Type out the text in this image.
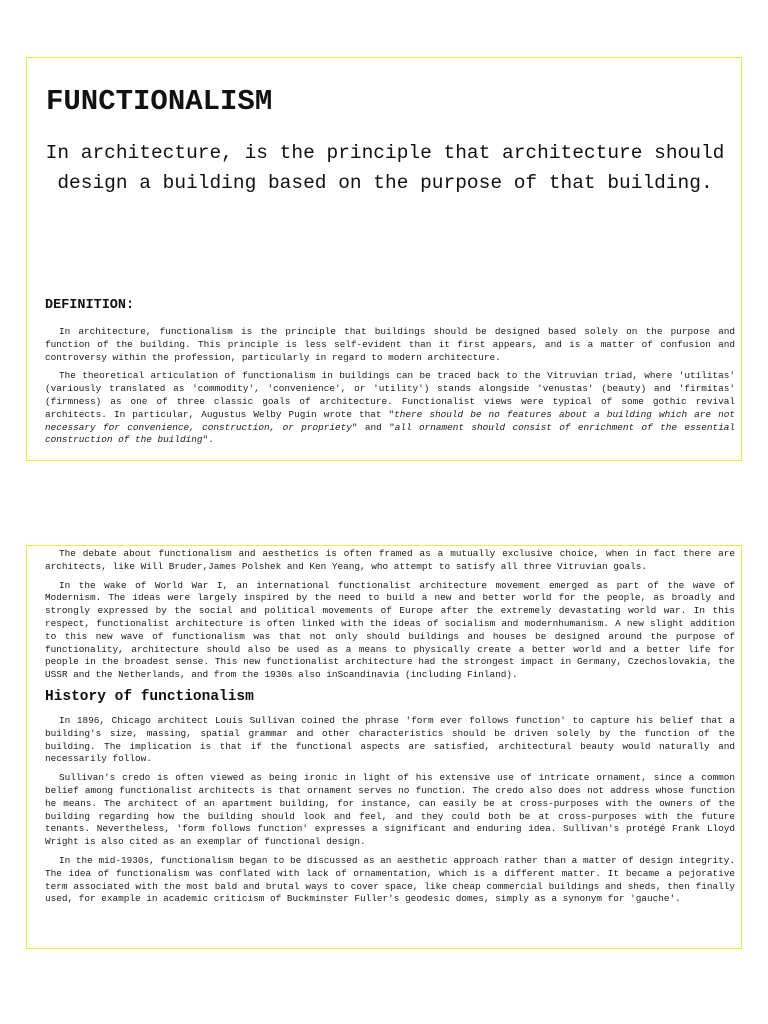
FUNCTIONALISM

In architecture, is the principle that architecture should design a building based on the purpose of that building.

DEFINITION:

In architecture, functionalism is the principle that buildings should be designed based solely on the purpose and function of the building. This principle is less self-evident than it first appears, and is a matter of confusion and controversy within the profession, particularly in regard to modern architecture.

The theoretical articulation of functionalism in buildings can be traced back to the Vitruvian triad, where 'utilitas' (variously translated as 'commodity', 'convenience', or 'utility') stands alongside 'venustas' (beauty) and 'firmitas' (firmness) as one of three classic goals of architecture. Functionalist views were typical of some gothic revival architects. In particular, Augustus Welby Pugin wrote that "there should be no features about a building which are not necessary for convenience, construction, or propriety" and "all ornament should consist of enrichment of the essential construction of the building".

The debate about functionalism and aesthetics is often framed as a mutually exclusive choice, when in fact there are architects, like Will Bruder,James Polshek and Ken Yeang, who attempt to satisfy all three Vitruvian goals.

In the wake of World War I, an international functionalist architecture movement emerged as part of the wave of Modernism. The ideas were largely inspired by the need to build a new and better world for the people, as broadly and strongly expressed by the social and political movements of Europe after the extremely devastating world war. In this respect, functionalist architecture is often linked with the ideas of socialism and modernhumanism. A new slight addition to this new wave of functionalism was that not only should buildings and houses be designed around the purpose of functionality, architecture should also be used as a means to physically create a better world and a better life for people in the broadest sense. This new functionalist architecture had the strongest impact in Germany, Czechoslovakia, the USSR and the Netherlands, and from the 1930s also inScandinavia (including Finland).

History of functionalism

In 1896, Chicago architect Louis Sullivan coined the phrase 'form ever follows function' to capture his belief that a building's size, massing, spatial grammar and other characteristics should be driven solely by the function of the building. The implication is that if the functional aspects are satisfied, architectural beauty would naturally and necessarily follow.

Sullivan's credo is often viewed as being ironic in light of his extensive use of intricate ornament, since a common belief among functionalist architects is that ornament serves no function. The credo also does not address whose function he means. The architect of an apartment building, for instance, can easily be at cross-purposes with the owners of the building regarding how the building should look and feel, and they could both be at cross-purposes with the future tenants. Nevertheless, 'form follows function' expresses a significant and enduring idea. Sullivan's protégé Frank Lloyd Wright is also cited as an exemplar of functional design.

In the mid-1930s, functionalism began to be discussed as an aesthetic approach rather than a matter of design integrity. The idea of functionalism was conflated with lack of ornamentation, which is a different matter. It became a pejorative term associated with the most bald and brutal ways to cover space, like cheap commercial buildings and sheds, then finally used, for example in academic criticism of Buckminster Fuller's geodesic domes, simply as a synonym for 'gauche'.
